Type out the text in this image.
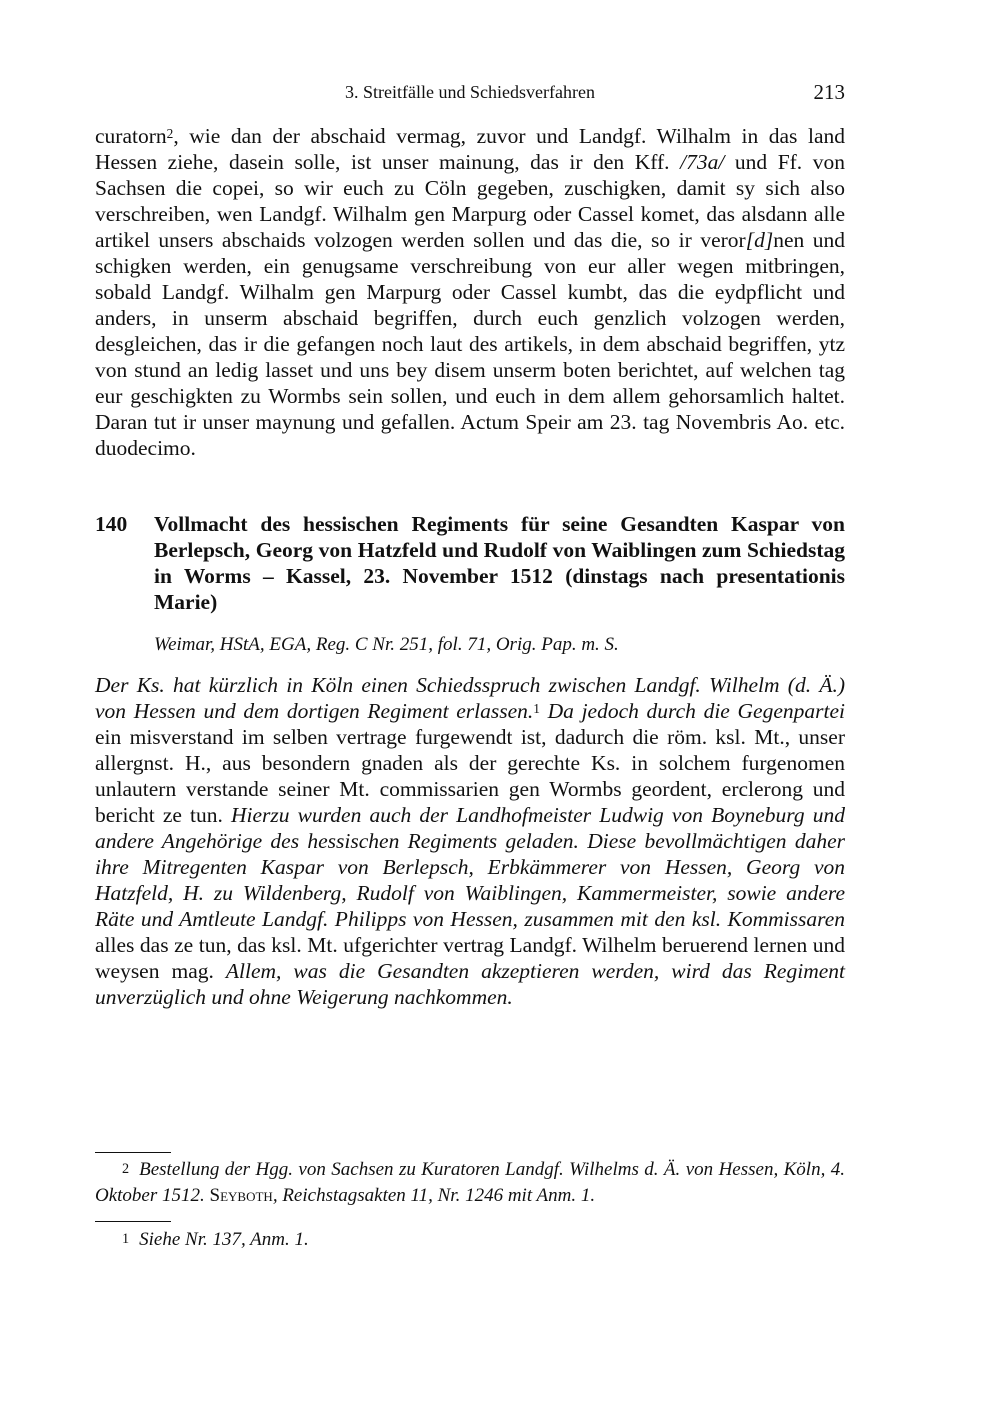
3. Streitfälle und Schiedsverfahren	213

curatorn$^2$, wie dan der abschaid vermag, zuvor und Landgf. Wilhalm in das land Hessen ziehe, dasein solle, ist unser mainung, das ir den Kff. /73a/ und Ff. von Sachsen die copei, so wir euch zu Cöln gegeben, zuschigken, damit sy sich also verschreiben, wen Landgf. Wilhalm gen Marpurg oder Cassel komet, das alsdann alle artikel unsers abschaids volzogen werden sollen und das die, so ir veror[d]nen und schigken werden, ein genugsame verschreibung von eur aller wegen mitbringen, sobald Landgf. Wilhalm gen Marpurg oder Cassel kumbt, das die eydpflicht und anders, in unserm abschaid begriffen, durch euch genzlich volzogen werden, desgleichen, das ir die gefangen noch laut des artikels, in dem abschaid begriffen, ytz von stund an ledig lasset und uns bey disem unserm boten berichtet, auf welchen tag eur geschigkten zu Wormbs sein sollen, und euch in dem allem gehorsamlich haltet. Daran tut ir unser maynung und gefallen. Actum Speir am 23. tag Novembris Ao. etc. duodecimo.

140	Vollmacht des hessischen Regiments für seine Gesandten Kaspar von Berlepsch, Georg von Hatzfeld und Rudolf von Waiblingen zum Schiedstag in Worms – Kassel, 23. November 1512 (dinstags nach presentationis Marie)
Weimar, HStA, EGA, Reg. C Nr. 251, fol. 71, Orig. Pap. m. S.

Der Ks. hat kürzlich in Köln einen Schiedsspruch zwischen Landgf. Wilhelm (d. Ä.) von Hessen und dem dortigen Regiment erlassen.$^1$ Da jedoch durch die Gegenpartei ein misverstand im selben vertrage furgewendt ist, dadurch die röm. ksl. Mt., unser allergnst. H., aus besondern gnaden als der gerechte Ks. in solchem furgenomen unlautern verstande seiner Mt. commissarien gen Wormbs geordent, erclerong und bericht ze tun. Hierzu wurden auch der Landhofmeister Ludwig von Boyneburg und andere Angehörige des hessischen Regiments geladen. Diese bevollmächtigen daher ihre Mitregenten Kaspar von Berlepsch, Erbkämmerer von Hessen, Georg von Hatzfeld, H. zu Wildenberg, Rudolf von Waiblingen, Kammermeister, sowie andere Räte und Amtleute Landgf. Philipps von Hessen, zusammen mit den ksl. Kommissaren alles das ze tun, das ksl. Mt. ufgerichter vertrag Landgf. Wilhelm beruerend lernen und weysen mag. Allem, was die Gesandten akzeptieren werden, wird das Regiment unverzüglich und ohne Weigerung nachkommen.

2 Bestellung der Hgg. von Sachsen zu Kuratoren Landgf. Wilhelms d. Ä. von Hessen, Köln, 4. Oktober 1512. Seyboth, Reichstagsakten 11, Nr. 1246 mit Anm. 1.

1 Siehe Nr. 137, Anm. 1.
